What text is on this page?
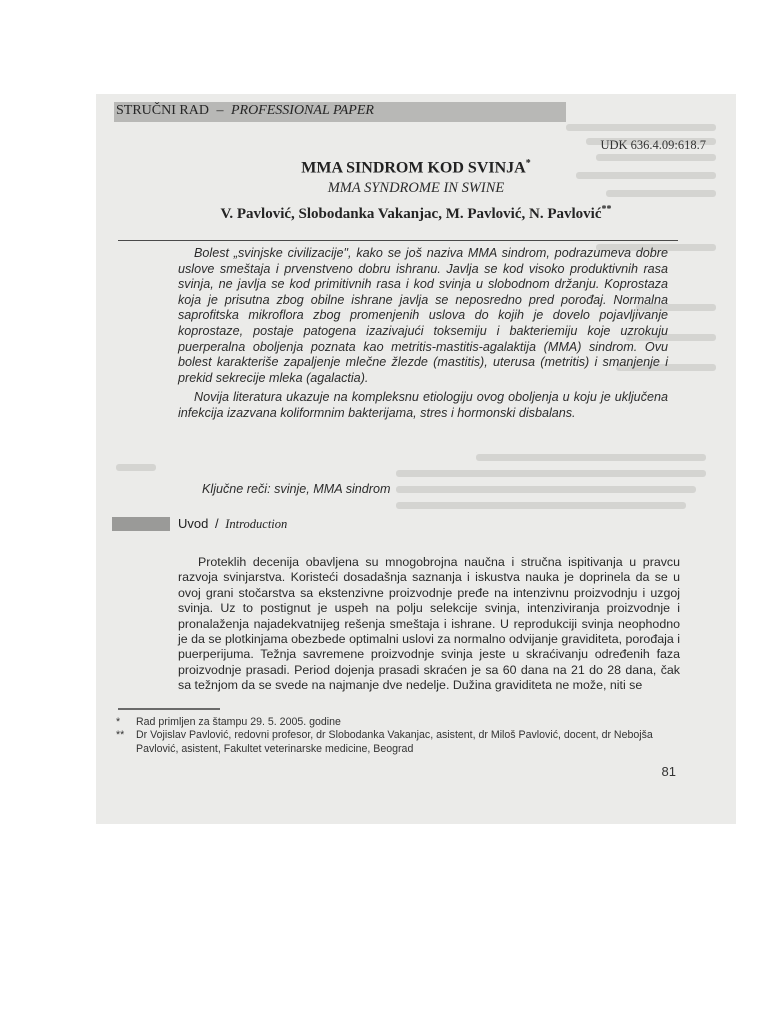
STRUČNI RAD – PROFESSIONAL PAPER
UDK 636.4.09:618.7
MMA SINDROM KOD SVINJA*
MMA SYNDROME IN SWINE
V. Pavlović, Slobodanka Vakanjac, M. Pavlović, N. Pavlović**

Bolest „svinjske civilizacije", kako se još naziva MMA sindrom, podrazumeva dobre uslove smeštaja i prvenstveno dobru ishranu. Javlja se kod visoko produktivnih rasa svinja, ne javlja se kod primitivnih rasa i kod svinja u slobodnom držanju. Koprostaza koja je prisutna zbog obilne ishrane javlja se neposredno pred porođaj. Normalna saprofitska mikroflora zbog promenjenih uslova do kojih je dovelo pojavljivanje koprostaze, postaje patogena izazivajući toksemiju i bakteriemiju koje uzrokuju puerperalna oboljenja poznata kao metritis-mastitis-agalaktija (MMA) sindrom. Ovu bolest karakteriše zapaljenje mlečne žlezde (mastitis), uterusa (metritis) i smanjenje i prekid sekrecije mleka (agalactia).

Novija literatura ukazuje na kompleksnu etiologiju ovog oboljenja u koju je uključena infekcija izazvana koliformnim bakterijama, stres i hormonski disbalans.

Ključne reči: svinje, MMA sindrom
Uvod / Introduction

Proteklih decenija obavljena su mnogobrojna naučna i stručna ispitivanja u pravcu razvoja svinjarstva. Koristeći dosadašnja saznanja i iskustva nauka je doprinela da se u ovoj grani stočarstva sa ekstenzivne proizvodnje pređe na intenzivnu proizvodnju i uzgoj svinja. Uz to postignut je uspeh na polju selekcije svinja, intenziviranja proizvodnje i pronalaženja najadekvatnijeg rešenja smeštaja i ishrane. U reprodukciji svinja neophodno je da se plotkinjama obezbede optimalni uslovi za normalno odvijanje graviditeta, porođaja i puerperijuma. Težnja savremene proizvodnje svinja jeste u skraćivanju određenih faza proizvodnje prasadi. Period dojenja prasadi skraćen je sa 60 dana na 21 do 28 dana, čak sa težnjom da se svede na najmanje dve nedelje. Dužina graviditeta ne može, niti se

* Rad primljen za štampu 29. 5. 2005. godine
** Dr Vojislav Pavlović, redovni profesor, dr Slobodanka Vakanjac, asistent, dr Miloš Pavlović, docent, dr Nebojša Pavlović, asistent, Fakultet veterinarske medicine, Beograd
81
